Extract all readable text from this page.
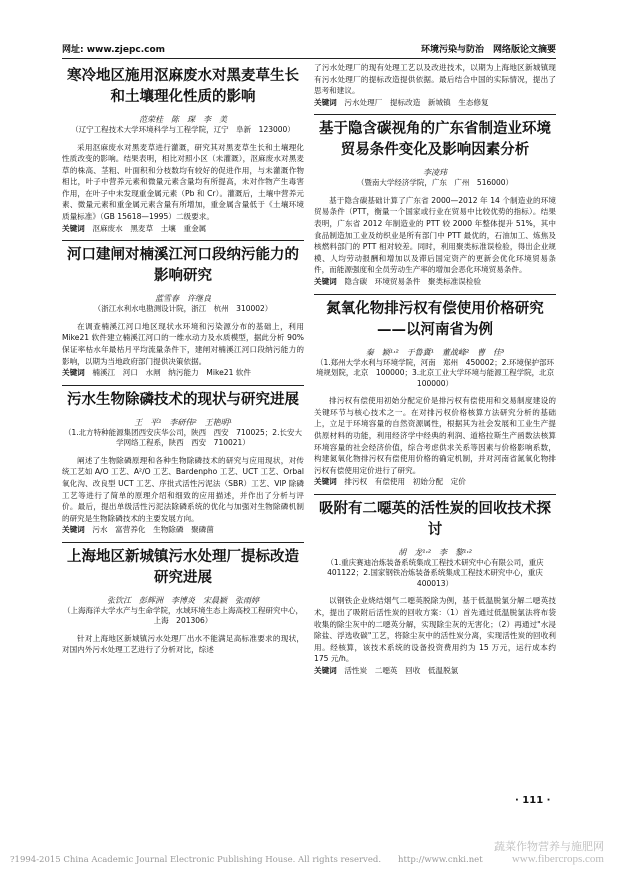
网址: www.zjepc.com	环境污染与防治　网络版论文摘要
寒冷地区施用沤麻废水对黑麦草生长和土壤理化性质的影响
范荣桂　陈　琛　李　美
（辽宁工程技术大学环境科学与工程学院，辽宁　阜新　123000）

采用沤麻废水对黑麦草进行灌溉，研究其对黑麦草生长和土壤理化性质改变的影响。结果表明，相比对照小区（未灌溉），沤麻废水对黑麦草的株高、茎粗、叶面积和分枝数均有较好的促进作用，与未灌溉作物相比，叶子中营养元素和微量元素含量均有所提高，未对作物产生毒害作用，在叶子中未发现重金属元素（Pb 和 Cr）。灌溉后，土壤中营养元素、微量元素和重金属元素含量有所增加，重金属含量低于《土壤环境质量标准》（GB 15618—1995）二级要求。

关键词　 沤麻废水　黑麦草　土壤　重金属
河口建闸对楠溪江河口段纳污能力的影响研究
蓝雪春　许继良
（浙江水利水电勘测设计院，浙江　杭州　310002）

在调查楠溪江河口地区现状水环境和污染源分布的基础上，利用 Mike21 软件建立楠溪江河口的一维水动力及水质模型，据此分析 90% 保证率枯水年最枯月平均流量条件下，建闸对楠溪江河口段纳污能力的影响，以期为当地政府部门提供决策依据。

关键词　 楠溪江　河口　水闸　纳污能力　Mike21 软件
污水生物除磷技术的现状与研究进展
王　平¹　李研伟²　王艳明¹
（1.北方特种能源集团西安庆华公司，陕西　西安　710025；2.长安大学网络工程系，陕西　西安　710021）

阐述了生物除磷原理和各种生物除磷技术的研究与应用现状，对传统工艺如 A/O 工艺、A²/O 工艺、Bardenpho 工艺、UCT 工艺、Orbal 氧化沟、改良型 UCT 工艺、序批式活性污泥法（SBR）工艺、VIP 除磷工艺等进行了简单的原理介绍和细致的应用描述，并作出了分析与评价。最后，提出单级活性污泥法除磷系统的优化与加强对生物除磷机制的研究是生物除磷技术的主要发展方向。

关键词　 污水　富营养化　生物除磷　聚磷菌
上海地区新城镇污水处理厂提标改造研究进展
张饮江　彭辉洲　李博炎　宋晨颖　张雨婷
（上海海洋大学水产与生命学院，水域环境生态上海高校工程研究中心，上海　201306）

针对上海地区新城镇污水处理厂出水不能满足高标准要求的现状，对国内外污水处理工艺进行了分析对比，综述

了污水处理厂的现有处理工艺以及改进技术，以期为上海地区新城镇现有污水处理厂的提标改造提供依据。最后结合中国的实际情况，提出了思考和建议。

关键词　 污水处理厂　提标改造　新城镇　生态修复
基于隐含碳视角的广东省制造业环境贸易条件变化及影响因素分析
李凌玮
（暨南大学经济学院，广东　广州　516000）

基于隐含碳基础计算了广东省 2000—2012 年 14 个制造业的环境贸易条件（PTT，衡量一个国家或行业在贸易中比较优势的指标）。结果表明，广东省 2012 年制造业的 PTT 较 2000 年整体提升 51%，其中食品制造加工业及纺织业是所有部门中 PTT 最优的，石油加工、炼焦及核燃料部门的 PTT 相对较差。同时，利用聚类标准误检验，得出企业规模、人均劳动报酬和增加以及滞后国定资产的更新会优化环境贸易条件，而能源强度和全员劳动生产率的增加会恶化环境贸易条件。

关键词　 隐含碳　环境贸易条件　聚类标准误检验
氮氧化物排污权有偿使用价格研究——以河南省为例
秦　颖¹˒²　于鲁冀¹　董战峰²　曹　佳³
（1.郑州大学水利与环境学院，河南　郑州　450002；2.环境保护部环境规划院，北京　100000；3.北京工业大学环境与能源工程学院，北京　100000）

排污权有偿使用初始分配定价是排污权有偿使用和交易制度建设的关键环节与核心技术之一。在对排污权价格核算方法研究分析的基础上，立足于环境容量的自然资源属性，根据其为社会发展和工业生产提供原材料的功能，利用经济学中经典的利润、道格拉斯生产函数法核算环境容量的社会经济价值，综合考虑供求关系等因素与价格影响系数，构建氮氧化物排污权有偿使用价格的确定机制，并对河南省氮氧化物排污权有偿使用定价进行了研究。

关键词　 排污权　有偿使用　初始分配　定价
吸附有二噁英的活性炭的回收技术探讨
胡　龙¹˒²　李　黎¹˒²
（1.重庆赛迪冶炼装备系统集成工程技术研究中心有限公司，重庆　401122；2.国家钢铁冶炼装备系统集成工程技术研究中心，重庆　400013）

以钢铁企业烧结烟气二噁英脱除为例，基于低温脱氯分解二噁英技术，提出了吸附后活性炭的回收方案：（1）首先通过低温脱氯法将布袋收集的除尘灰中的二噁英分解，实现除尘灰的无害化；（2）再通过"水浸除盐、浮选收碳"工艺，将除尘灰中的活性炭分离，实现活性炭的回收利用。经核算，该技术系统的设备投资费用约为 15 万元，运行成本约 175 元/h。

关键词　 活性炭　二噁英　回收　低温脱氯
· 111 ·
蔬菜作物营养与施肥网
www.fibercrops.com
?1994-2015 China Academic Journal Electronic Publishing House. All rights reserved.　　http://www.cnki.net
